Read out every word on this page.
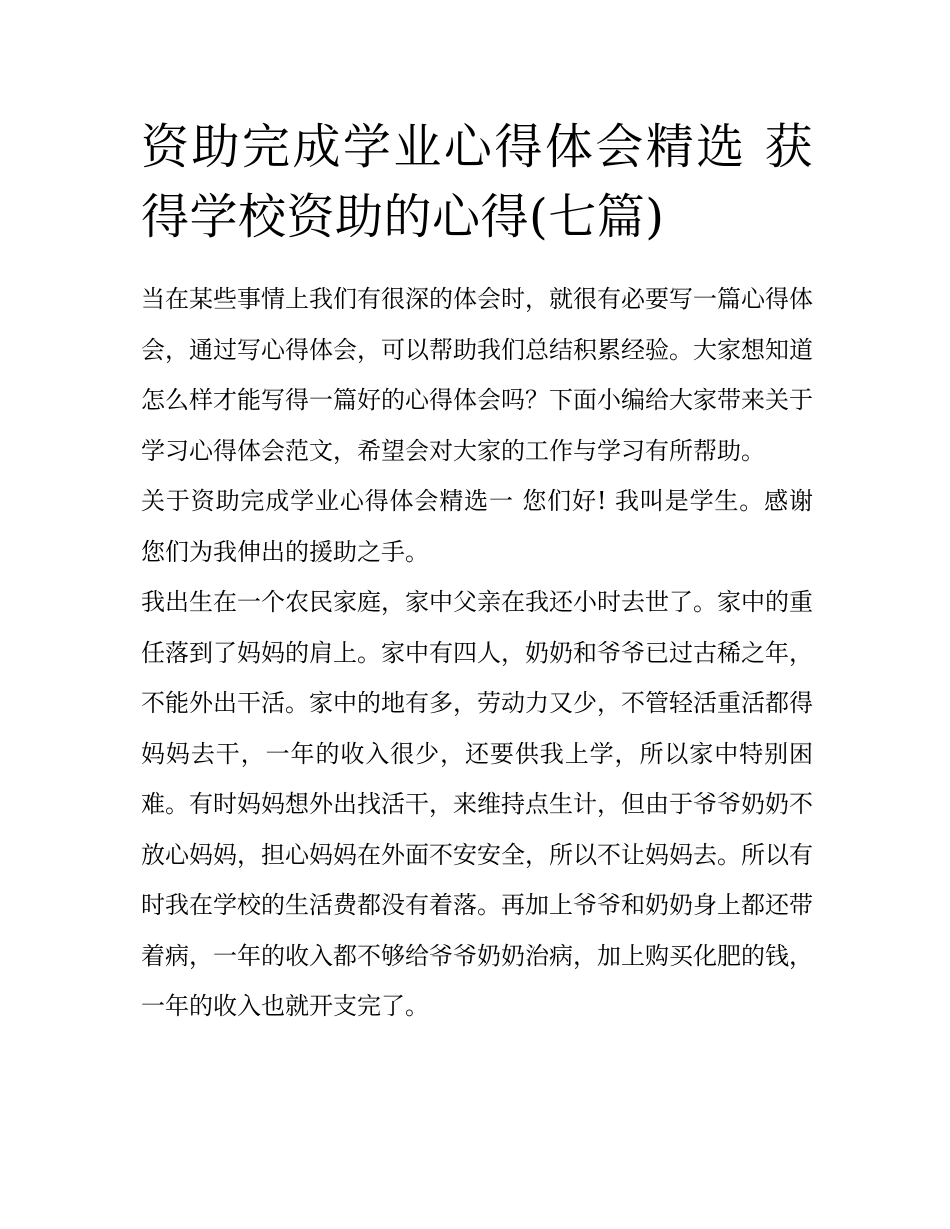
资助完成学业心得体会精选 获得学校资助的心得(七篇)

当在某些事情上我们有很深的体会时，就很有必要写一篇心得体会，通过写心得体会，可以帮助我们总结积累经验。大家想知道怎么样才能写得一篇好的心得体会吗？下面小编给大家带来关于学习心得体会范文，希望会对大家的工作与学习有所帮助。

关于资助完成学业心得体会精选一 您们好! 我叫是学生。感谢您们为我伸出的援助之手。

我出生在一个农民家庭，家中父亲在我还小时去世了。家中的重任落到了妈妈的肩上。家中有四人，奶奶和爷爷已过古稀之年，不能外出干活。家中的地有多，劳动力又少，不管轻活重活都得妈妈去干，一年的收入很少，还要供我上学，所以家中特别困难。有时妈妈想外出找活干，来维持点生计，但由于爷爷奶奶不放心妈妈，担心妈妈在外面不安安全，所以不让妈妈去。所以有时我在学校的生活费都没有着落。再加上爷爷和奶奶身上都还带着病，一年的收入都不够给爷爷奶奶治病，加上购买化肥的钱，一年的收入也就开支完了。
